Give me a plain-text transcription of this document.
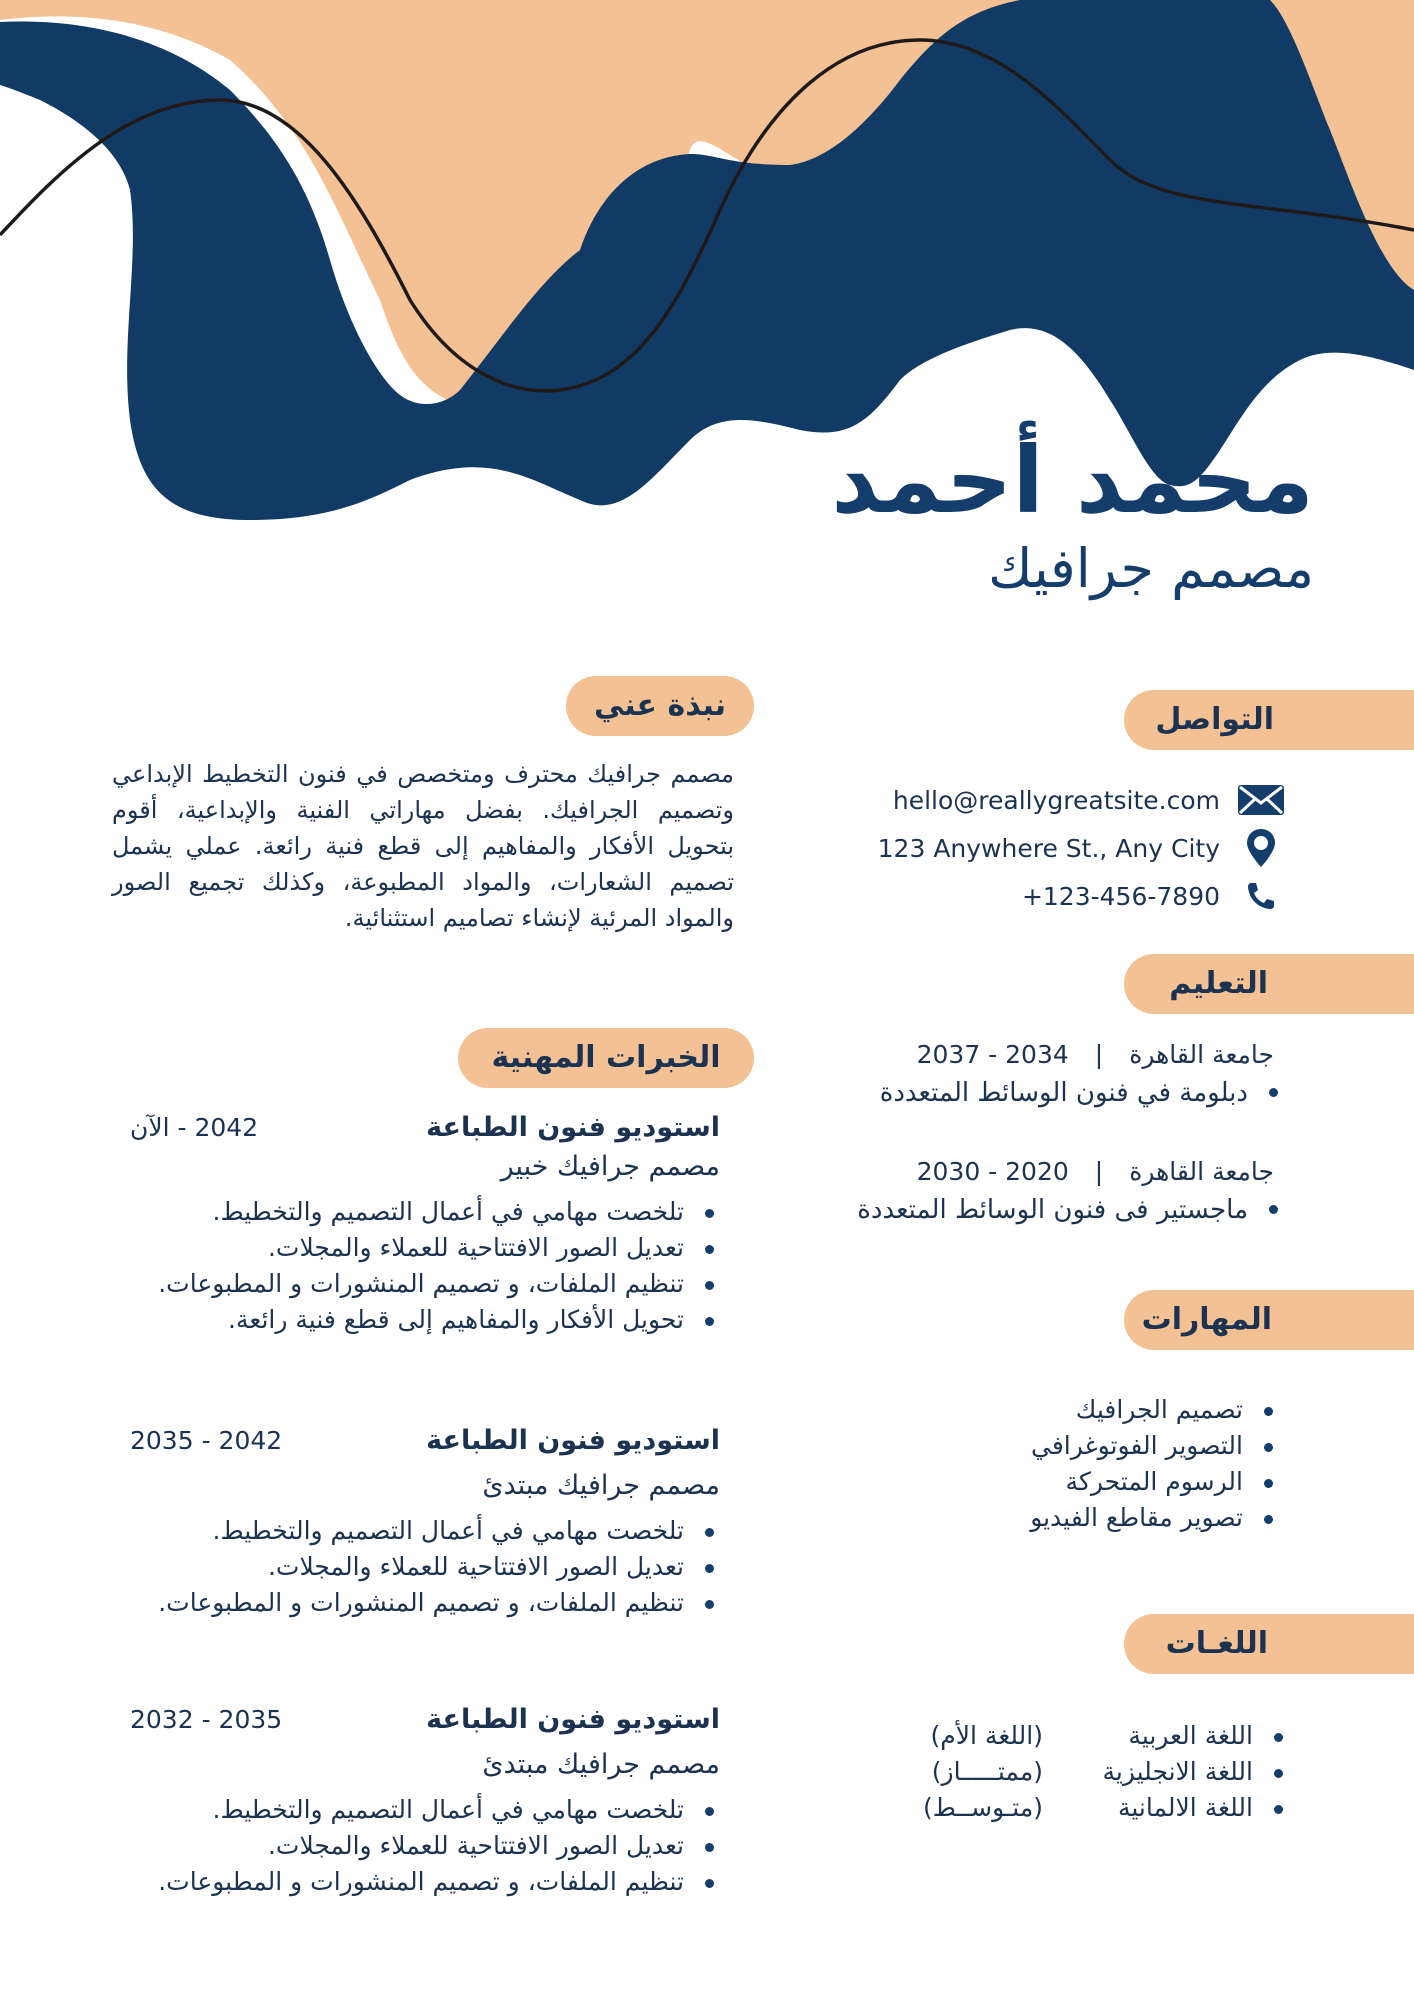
محمد أحمد
مصمم جرافيك
نبذة عني

مصمم جرافيك محترف ومتخصص في فنون التخطيط الإبداعي وتصميم الجرافيك. بفضل مهاراتي الفنية والإبداعية، أقوم بتحويل الأفكار والمفاهيم إلى قطع فنية رائعة. عملي يشمل تصميم الشعارات، والمواد المطبوعة، وكذلك تجميع الصور والمواد المرئية لإنشاء تصاميم استثنائية.

الخبرات المهنية
استوديو فنون الطباعة
2042 - الآن
مصمم جرافيك خبير
تلخصت مهامي في أعمال التصميم والتخطيط.
تعديل الصور الافتتاحية للعملاء والمجلات.
تنظيم الملفات، و تصميم المنشورات و المطبوعات.
تحويل الأفكار والمفاهيم إلى قطع فنية رائعة.
استوديو فنون الطباعة
2042 - 2035
مصمم جرافيك مبتدئ
تلخصت مهامي في أعمال التصميم والتخطيط.
تعديل الصور الافتتاحية للعملاء والمجلات.
تنظيم الملفات، و تصميم المنشورات و المطبوعات.
استوديو فنون الطباعة
2035 - 2032
مصمم جرافيك مبتدئ
تلخصت مهامي في أعمال التصميم والتخطيط.
تعديل الصور الافتتاحية للعملاء والمجلات.
تنظيم الملفات، و تصميم المنشورات و المطبوعات.
التواصل
hello@reallygreatsite.com
123 Anywhere St., Any City
+123-456-7890
التعليم
جامعة القاهرة
|
2037 - 2034
دبلومة في فنون الوسائط المتعددة
جامعة القاهرة
|
2030 - 2020
ماجستير فى فنون الوسائط المتعددة
المهارات
تصميم الجرافيك
التصوير الفوتوغرافي
الرسوم المتحركة
تصوير مقاطع الفيديو
اللغـات
اللغة العربية
(اللغة الأم)
اللغة الانجليزية
(ممتـــــاز)
اللغة الالمانية
(متـوســط)
